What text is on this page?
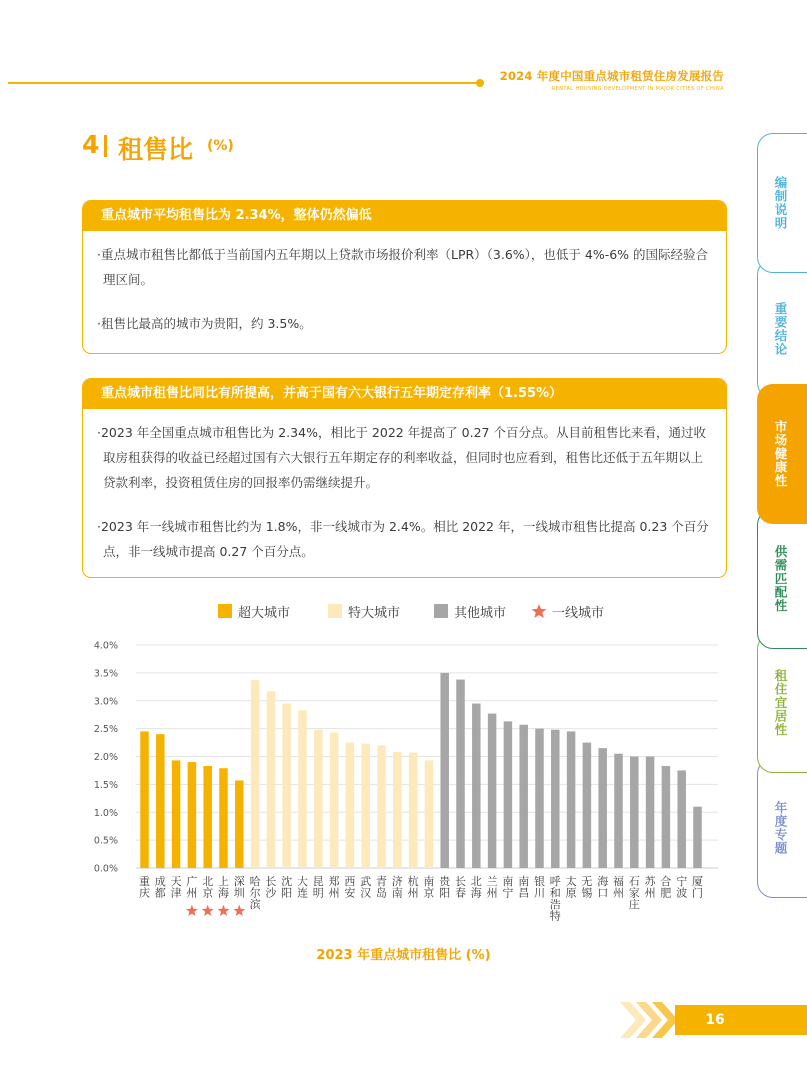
2024 年度中国重点城市租赁住房发展报告
RENTAL HOUSING DEVELOPMENT IN MAJOR CITIES OF CHINA
4 租售比 (%)
重点城市平均租售比为 2.34%，整体仍然偏低

·重点城市租售比都低于当前国内五年期以上贷款市场报价利率（LPR）（3.6%），也低于 4%-6% 的国际经验合理区间。

·租售比最高的城市为贵阳，约 3.5%。

重点城市租售比同比有所提高，并高于国有六大银行五年期定存利率（1.55%）

·2023 年全国重点城市租售比为 2.34%，相比于 2022 年提高了 0.27 个百分点。从目前租售比来看，通过收取房租获得的收益已经超过国有六大银行五年期定存的利率收益，但同时也应看到，租售比还低于五年期以上贷款利率，投资租赁住房的回报率仍需继续提升。

·2023 年一线城市租售比约为 1.8%，非一线城市为 2.4%。相比 2022 年，一线城市租售比提高 0.23 个百分点，非一线城市提高 0.27 个百分点。

超大城市	特大城市	其他城市	一线城市
0.0%
0.5%
1.0%
1.5%
2.0%
2.5%
3.0%
3.5%
4.0%
重庆
成都
天津
广州
北京
上海
深圳
哈尔滨
长沙
沈阳
大连
昆明
郑州
西安
武汉
青岛
济南
杭州
南京
贵阳
长春
北海
兰州
南宁
南昌
银川
呼和浩特
太原
无锡
海口
福州
石家庄
苏州
合肥
宁波
厦门
2023 年重点城市租售比 (%)
编制说明
重要结论
市场健康性
供需匹配性
租住宜居性
年度专题
16
